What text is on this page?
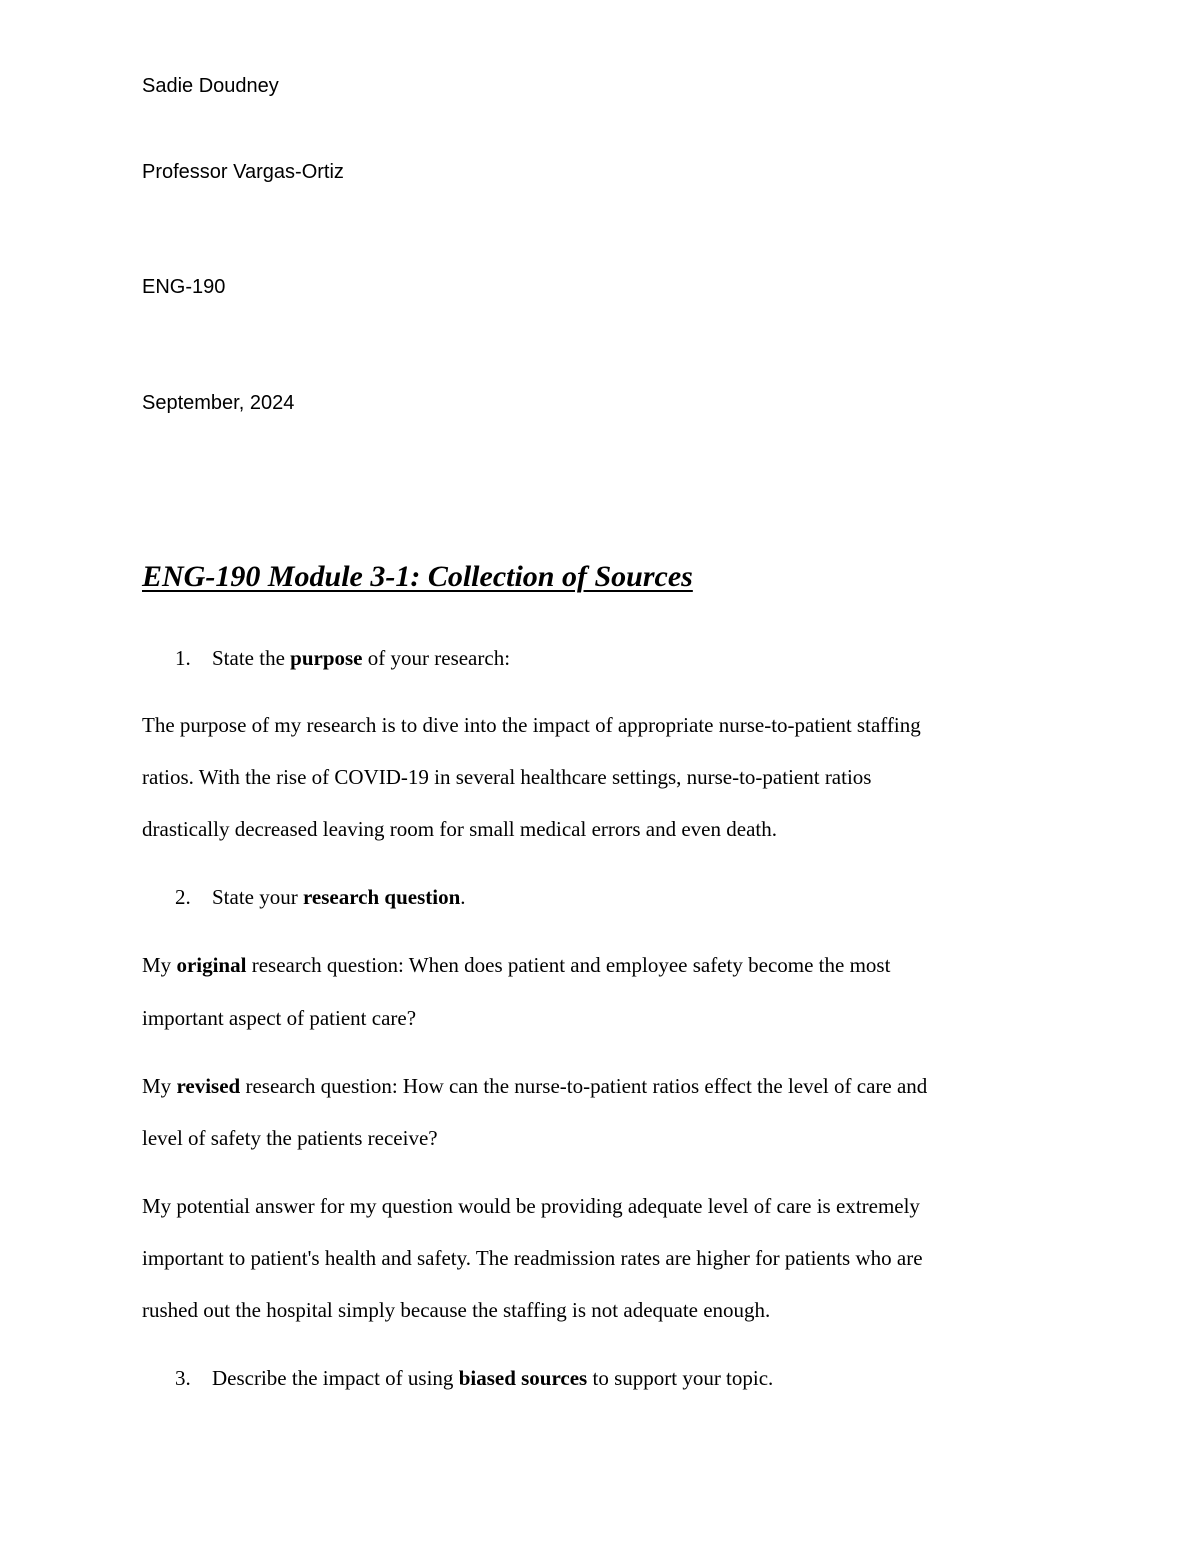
Sadie Doudney
Professor Vargas-Ortiz
ENG-190
September, 2024
ENG-190 Module 3-1: Collection of Sources
1. State the purpose of your research:
The purpose of my research is to dive into the impact of appropriate nurse-to-patient staffing
ratios. With the rise of COVID-19 in several healthcare settings, nurse-to-patient ratios
drastically decreased leaving room for small medical errors and even death.
2. State your research question.
My original research question: When does patient and employee safety become the most
important aspect of patient care?
My revised research question: How can the nurse-to-patient ratios effect the level of care and
level of safety the patients receive?
My potential answer for my question would be providing adequate level of care is extremely
important to patient's health and safety. The readmission rates are higher for patients who are
rushed out the hospital simply because the staffing is not adequate enough.
3. Describe the impact of using biased sources to support your topic.
